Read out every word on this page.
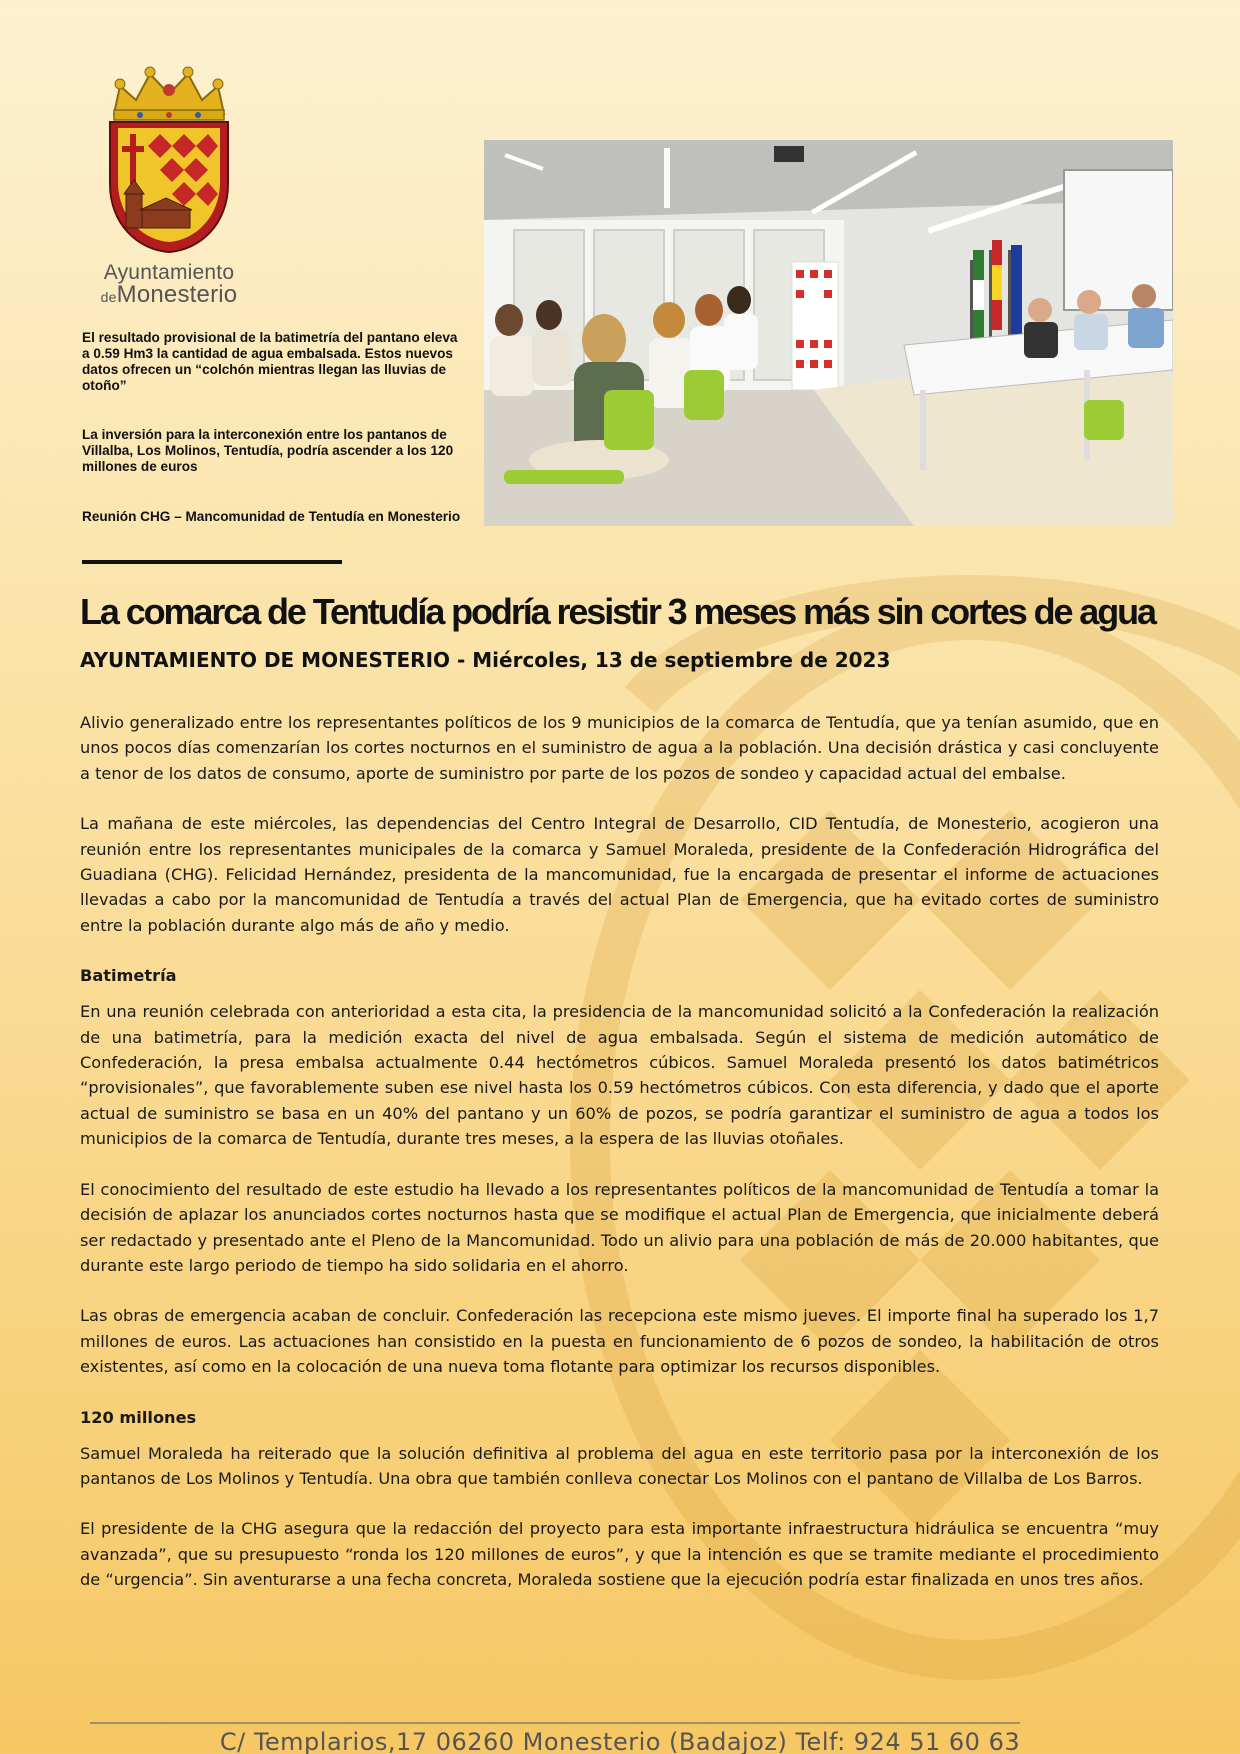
Ayuntamiento
deMonesterio
El resultado provisional de la batimetría del pantano eleva a 0.59 Hm3 la cantidad de agua embalsada. Estos nuevos datos ofrecen un “colchón mientras llegan las lluvias de otoño”
La inversión para la interconexión entre los pantanos de Villalba, Los Molinos, Tentudía, podría ascender a los 120 millones de euros
Reunión CHG – Mancomunidad de Tentudía en Monesterio
La comarca de Tentudía podría resistir 3 meses más sin cortes de agua
AYUNTAMIENTO DE MONESTERIO - Miércoles, 13 de septiembre de 2023

Alivio generalizado entre los representantes políticos de los 9 municipios de la comarca de Tentudía, que ya tenían asumido, que en unos pocos días comenzarían los cortes nocturnos en el suministro de agua a la población. Una decisión drástica y casi concluyente a tenor de los datos de consumo, aporte de suministro por parte de los pozos de sondeo y capacidad actual del embalse.

La mañana de este miércoles, las dependencias del Centro Integral de Desarrollo, CID Tentudía, de Monesterio, acogieron una reunión entre los representantes municipales de la comarca y Samuel Moraleda, presidente de la Confederación Hidrográfica del Guadiana (CHG). Felicidad Hernández, presidenta de la mancomunidad, fue la encargada de presentar el informe de actuaciones llevadas a cabo por la mancomunidad de Tentudía a través del actual Plan de Emergencia, que ha evitado cortes de suministro entre la población durante algo más de año y medio.

Batimetría

En una reunión celebrada con anterioridad a esta cita, la presidencia de la mancomunidad solicitó a la Confederación la realización de una batimetría, para la medición exacta del nivel de agua embalsada. Según el sistema de medición automático de Confederación, la presa embalsa actualmente 0.44 hectómetros cúbicos. Samuel Moraleda presentó los datos batimétricos “provisionales”, que favorablemente suben ese nivel hasta los 0.59 hectómetros cúbicos. Con esta diferencia, y dado que el aporte actual de suministro se basa en un 40% del pantano y un 60% de pozos, se podría garantizar el suministro de agua a todos los municipios de la comarca de Tentudía, durante tres meses, a la espera de las lluvias otoñales.

El conocimiento del resultado de este estudio ha llevado a los representantes políticos de la mancomunidad de Tentudía a tomar la decisión de aplazar los anunciados cortes nocturnos hasta que se modifique el actual Plan de Emergencia, que inicialmente deberá ser redactado y presentado ante el Pleno de la Mancomunidad. Todo un alivio para una población de más de 20.000 habitantes, que durante este largo periodo de tiempo ha sido solidaria en el ahorro.

Las obras de emergencia acaban de concluir. Confederación las recepciona este mismo jueves. El importe final ha superado los 1,7 millones de euros. Las actuaciones han consistido en la puesta en funcionamiento de 6 pozos de sondeo, la habilitación de otros existentes, así como en la colocación de una nueva toma flotante para optimizar los recursos disponibles.

120 millones

Samuel Moraleda ha reiterado que la solución definitiva al problema del agua en este territorio pasa por la interconexión de los pantanos de Los Molinos y Tentudía. Una obra que también conlleva conectar Los Molinos con el pantano de Villalba de Los Barros.

El presidente de la CHG asegura que la redacción del proyecto para esta importante infraestructura hidráulica se encuentra “muy avanzada”, que su presupuesto “ronda los 120 millones de euros”, y que la intención es que se tramite mediante el procedimiento de “urgencia”. Sin aventurarse a una fecha concreta, Moraleda sostiene que la ejecución podría estar finalizada en unos tres años.

C/ Templarios,17 06260 Monesterio (Badajoz) Telf: 924 51 60 63
